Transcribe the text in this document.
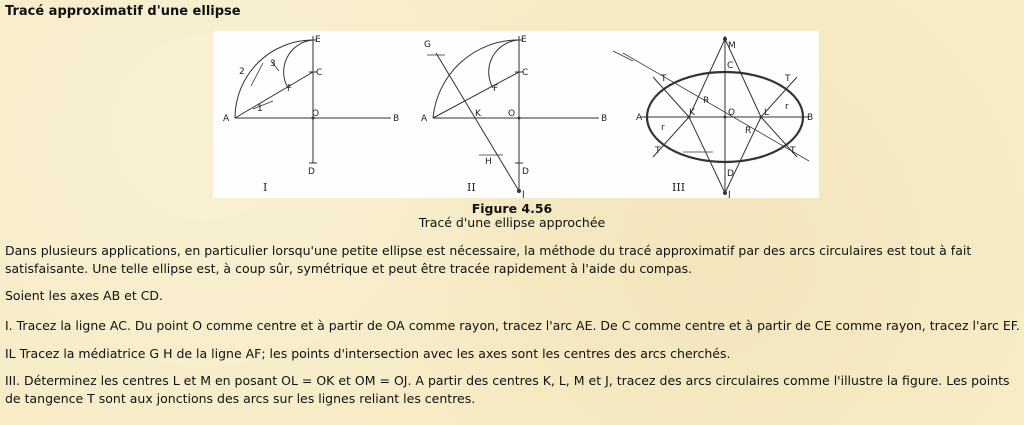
Tracé approximatif d'une ellipse
A	B
C
D
E
F
O
1
2
3
I
A	B
C
D
E
F
O
G
H
K
J
II
A	B
C
D
O
K	L
M
J
T	T
T	T
R
R
r
r
III
Figure 4.56
Tracé d'une ellipse approchée
Dans plusieurs applications, en particulier lorsqu'une petite ellipse est nécessaire, la méthode du tracé approximatif par des arcs circulaires est tout à fait satisfaisante. Une telle ellipse est, à coup sûr, symétrique et peut être tracée rapidement à l'aide du compas.
Soient les axes AB et CD.
I. Tracez la ligne AC. Du point O comme centre et à partir de OA comme rayon, tracez l'arc AE. De C comme centre et à partir de CE comme rayon, tracez l'arc EF.
IL Tracez la médiatrice G H de la ligne AF; les points d'intersection avec les axes sont les centres des arcs cherchés.
III. Déterminez les centres L et M en posant OL = OK et OM = OJ. A partir des centres K, L, M et J, tracez des arcs circulaires comme l'illustre la figure. Les points de tangence T sont aux jonctions des arcs sur les lignes reliant les centres.
